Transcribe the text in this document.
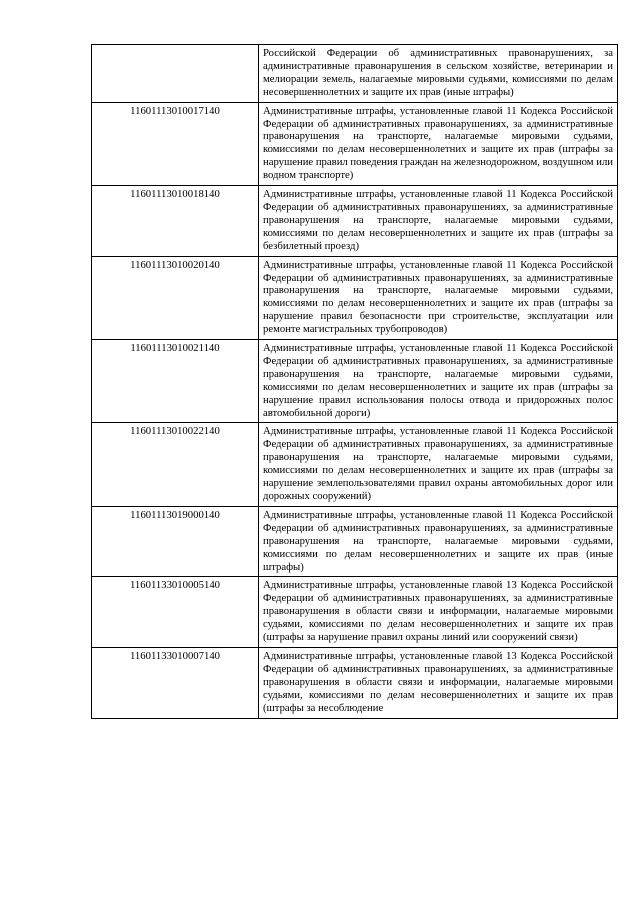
	Российской Федерации об административных правонарушениях, за административные правонарушения в сельском хозяйстве, ветеринарии и мелиорации земель, налагаемые мировыми судьями, комиссиями по делам несовершеннолетних и защите их прав (иные штрафы)
11601113010017140	Административные штрафы, установленные главой 11 Кодекса Российской Федерации об административных правонарушениях, за административные правонарушения на транспорте, налагаемые мировыми судьями, комиссиями по делам несовершеннолетних и защите их прав (штрафы за нарушение правил поведения граждан на железнодорожном, воздушном или водном транспорте)
11601113010018140	Административные штрафы, установленные главой 11 Кодекса Российской Федерации об административных правонарушениях, за административные правонарушения на транспорте, налагаемые мировыми судьями, комиссиями по делам несовершеннолетних и защите их прав (штрафы за безбилетный проезд)
11601113010020140	Административные штрафы, установленные главой 11 Кодекса Российской Федерации об административных правонарушениях, за административные правонарушения на транспорте, налагаемые мировыми судьями, комиссиями по делам несовершеннолетних и защите их прав (штрафы за нарушение правил безопасности при строительстве, эксплуатации или ремонте магистральных трубопроводов)
11601113010021140	Административные штрафы, установленные главой 11 Кодекса Российской Федерации об административных правонарушениях, за административные правонарушения на транспорте, налагаемые мировыми судьями, комиссиями по делам несовершеннолетних и защите их прав (штрафы за нарушение правил использования полосы отвода и придорожных полос автомобильной дороги)
11601113010022140	Административные штрафы, установленные главой 11 Кодекса Российской Федерации об административных правонарушениях, за административные правонарушения на транспорте, налагаемые мировыми судьями, комиссиями по делам несовершеннолетних и защите их прав (штрафы за нарушение землепользователями правил охраны автомобильных дорог или дорожных сооружений)
11601113019000140	Административные штрафы, установленные главой 11 Кодекса Российской Федерации об административных правонарушениях, за административные правонарушения на транспорте, налагаемые мировыми судьями, комиссиями по делам несовершеннолетних и защите их прав (иные штрафы)
11601133010005140	Административные штрафы, установленные главой 13 Кодекса Российской Федерации об административных правонарушениях, за административные правонарушения в области связи и информации, налагаемые мировыми судьями, комиссиями по делам несовершеннолетних и защите их прав (штрафы за нарушение правил охраны линий или сооружений связи)
11601133010007140	Административные штрафы, установленные главой 13 Кодекса Российской Федерации об административных правонарушениях, за административные правонарушения в области связи и информации, налагаемые мировыми судьями, комиссиями по делам несовершеннолетних и защите их прав (штрафы за несоблюдение
